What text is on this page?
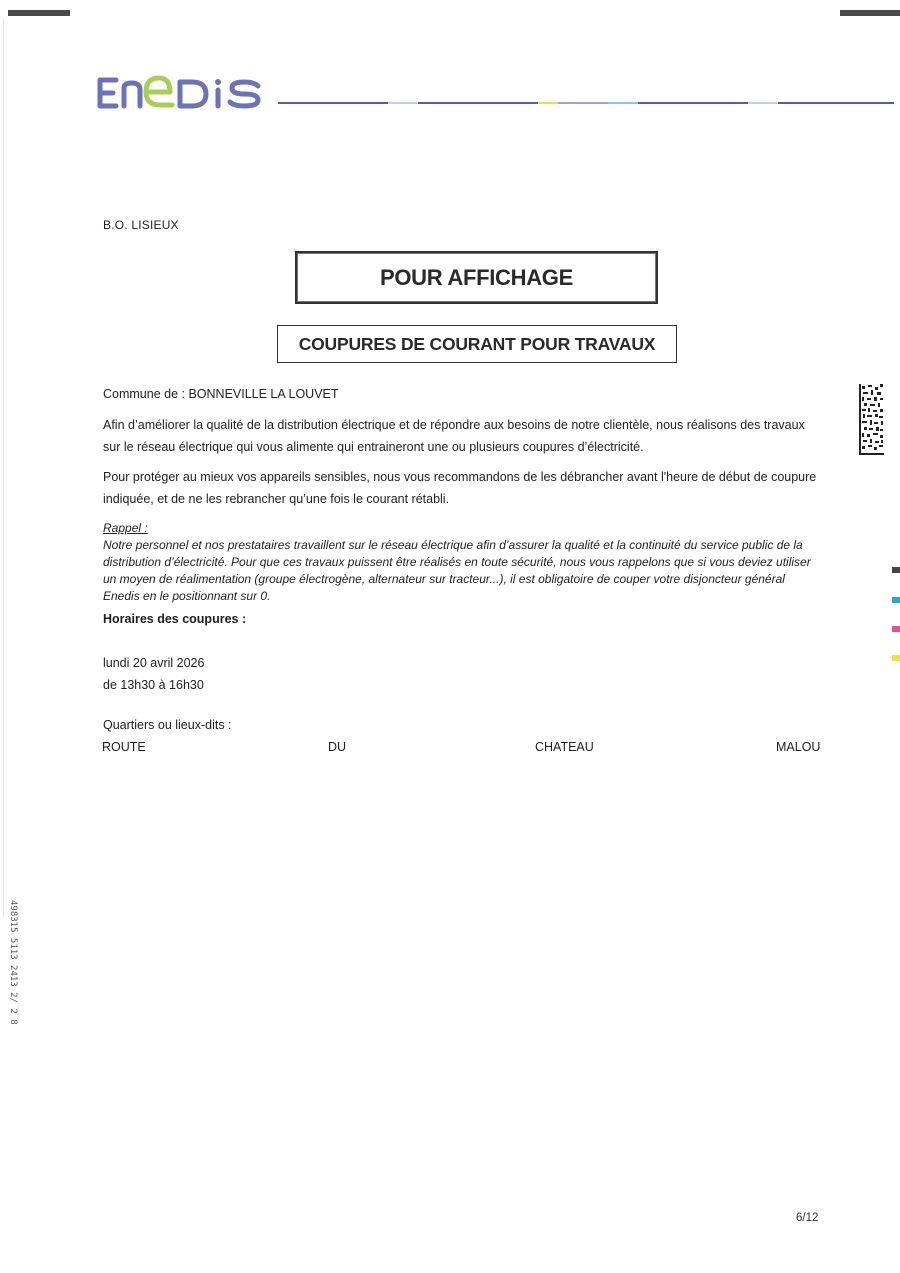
B.O. LISIEUX
POUR AFFICHAGE
COUPURES DE COURANT POUR TRAVAUX
Commune de : BONNEVILLE LA LOUVET
Afin d’améliorer la qualité de la distribution électrique et de répondre aux besoins de notre clientèle, nous réalisons des travaux sur le réseau électrique qui vous alimente qui entraineront une ou plusieurs coupures d’électricité.
Pour protéger au mieux vos appareils sensibles, nous vous recommandons de les débrancher avant l'heure de début de coupure indiquée, et de ne les rebrancher qu’une fois le courant rétabli.
Rappel :
Notre personnel et nos prestataires travaillent sur le réseau électrique afin d’assurer la qualité et la continuité du service public de la distribution d’électricité. Pour que ces travaux puissent être réalisés en toute sécurité, nous vous rappelons que si vous deviez utiliser un moyen de réalimentation (groupe électrogène, alternateur sur tracteur...), il est obligatoire de couper votre disjoncteur général Enedis en le positionnant sur 0.
Horaires des coupures :
lundi 20 avril 2026
de 13h30 à 16h30
Quartiers ou lieux-dits :
ROUTE	DU	CHATEAU	MALOU
498315 5113 2413 2/ 2 8
6/12
